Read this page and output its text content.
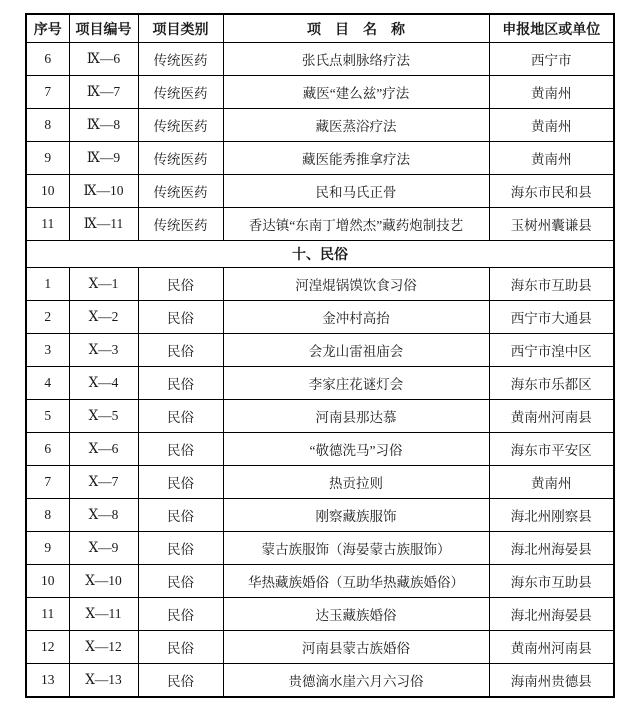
序号	项目编号	项目类别	项　目　名　称	申报地区或单位
6	Ⅸ—6	传统医药	张氏点刺脉络疗法	西宁市
7	Ⅸ—7	传统医药	藏医“建么兹”疗法	黄南州
8	Ⅸ—8	传统医药	藏医蒸浴疗法	黄南州
9	Ⅸ—9	传统医药	藏医能秀推拿疗法	黄南州
10	Ⅸ—10	传统医药	民和马氏正骨	海东市民和县
11	Ⅸ—11	传统医药	香达镇“东南丁增然杰”藏药炮制技艺	玉树州囊谦县
十、民俗				
1	Ⅹ—1	民俗	河湟焜锅馍饮食习俗	海东市互助县
2	Ⅹ—2	民俗	金冲村高抬	西宁市大通县
3	Ⅹ—3	民俗	会龙山雷祖庙会	西宁市湟中区
4	Ⅹ—4	民俗	李家庄花谜灯会	海东市乐都区
5	Ⅹ—5	民俗	河南县那达慕	黄南州河南县
6	Ⅹ—6	民俗	“敬德洗马”习俗	海东市平安区
7	Ⅹ—7	民俗	热贡拉则	黄南州
8	Ⅹ—8	民俗	刚察藏族服饰	海北州刚察县
9	Ⅹ—9	民俗	蒙古族服饰（海晏蒙古族服饰）	海北州海晏县
10	Ⅹ—10	民俗	华热藏族婚俗（互助华热藏族婚俗）	海东市互助县
11	Ⅹ—11	民俗	达玉藏族婚俗	海北州海晏县
12	Ⅹ—12	民俗	河南县蒙古族婚俗	黄南州河南县
13	Ⅹ—13	民俗	贵德滴水崖六月六习俗	海南州贵德县
